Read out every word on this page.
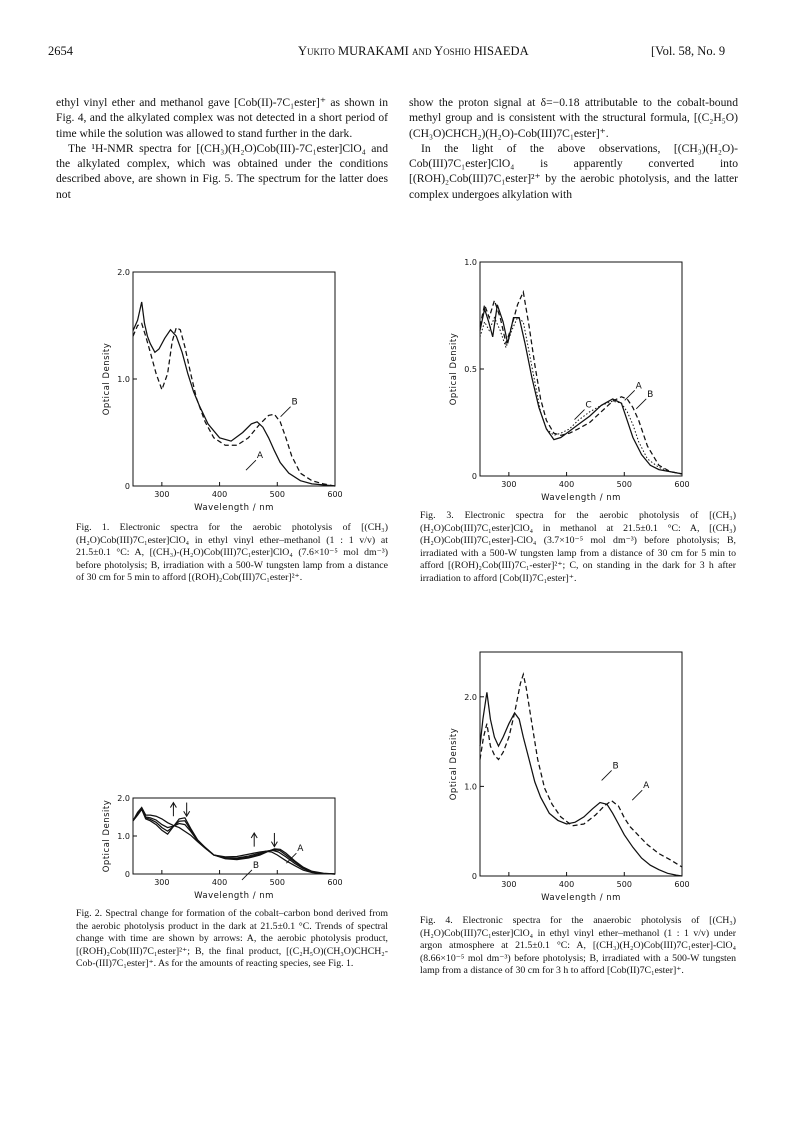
2654	Yukito MURAKAMI and Yoshio HISAEDA	[Vol. 58, No. 9

ethyl vinyl ether and methanol gave [Cob(II)-7C₁ester]⁺ as shown in Fig. 4, and the alkylated complex was not detected in a short period of time while the solution was allowed to stand further in the dark.

The ¹H-NMR spectra for [(CH₃)(H₂O)Cob(III)-7C₁ester]ClO₄ and the alkylated complex, which was obtained under the conditions described above, are shown in Fig. 5. The spectrum for the latter does not

show the proton signal at δ=−0.18 attributable to the cobalt-bound methyl group and is consistent with the structural formula, [(C₂H₅O)(CH₃O)CHCH₂)(H₂O)-Cob(III)7C₁ester]⁺.

In the light of the above observations, [(CH₃)(H₂O)-Cob(III)7C₁ester]ClO₄ is apparently converted into [(ROH)₂Cob(III)7C₁ester]²⁺ by the aerobic photolysis, and the latter complex undergoes alkylation with

300	400	500	600
0
1.0
2.0
Wavelength / nm
Optical Density
A
B
300	400	500	600
0
0.5
1.0
Wavelength / nm
Optical Density	A
B
C
300	400	500	600
0
1.0
2.0
Wavelength / nm
Optical Density	A
B
300	400	500	600
0
1.0
2.0
Wavelength / nm
Optical Density	A
B
Fig. 1. Electronic spectra for the aerobic photolysis of [(CH₃)(H₂O)Cob(III)7C₁ester]ClO₄ in ethyl vinyl ether–methanol (1 : 1 v/v) at 21.5±0.1 °C: A, [(CH₃)-(H₂O)Cob(III)7C₁ester]ClO₄ (7.6×10⁻⁵ mol dm⁻³) before photolysis; B, irradiation with a 500-W tungsten lamp from a distance of 30 cm for 5 min to afford [(ROH)₂Cob(III)7C₁ester]²⁺.
Fig. 3. Electronic spectra for the aerobic photolysis of [(CH₃)(H₂O)Cob(III)7C₁ester]ClO₄ in methanol at 21.5±0.1 °C: A, [(CH₃)(H₂O)Cob(III)7C₁ester]-ClO₄ (3.7×10⁻⁵ mol dm⁻³) before photolysis; B, irradiated with a 500-W tungsten lamp from a distance of 30 cm for 5 min to afford [(ROH)₂Cob(III)7C₁-ester]²⁺; C, on standing in the dark for 3 h after irradiation to afford [Cob(II)7C₁ester]⁺.
Fig. 2. Spectral change for formation of the cobalt–carbon bond derived from the aerobic photolysis product in the dark at 21.5±0.1 °C. Trends of spectral change with time are shown by arrows: A, the aerobic photolysis product, [(ROH)₂Cob(III)7C₁ester]²⁺; B, the final product, [(C₂H₅O)(CH₃O)CHCH₂-Cob-(III)7C₁ester]⁺. As for the amounts of reacting species, see Fig. 1.
Fig. 4. Electronic spectra for the anaerobic photolysis of [(CH₃)(H₂O)Cob(III)7C₁ester]ClO₄ in ethyl vinyl ether–methanol (1 : 1 v/v) under argon atmosphere at 21.5±0.1 °C: A, [(CH₃)(H₂O)Cob(III)7C₁ester]-ClO₄ (8.66×10⁻⁵ mol dm⁻³) before photolysis; B, irradiated with a 500-W tungsten lamp from a distance of 30 cm for 3 h to afford [Cob(II)7C₁ester]⁺.
